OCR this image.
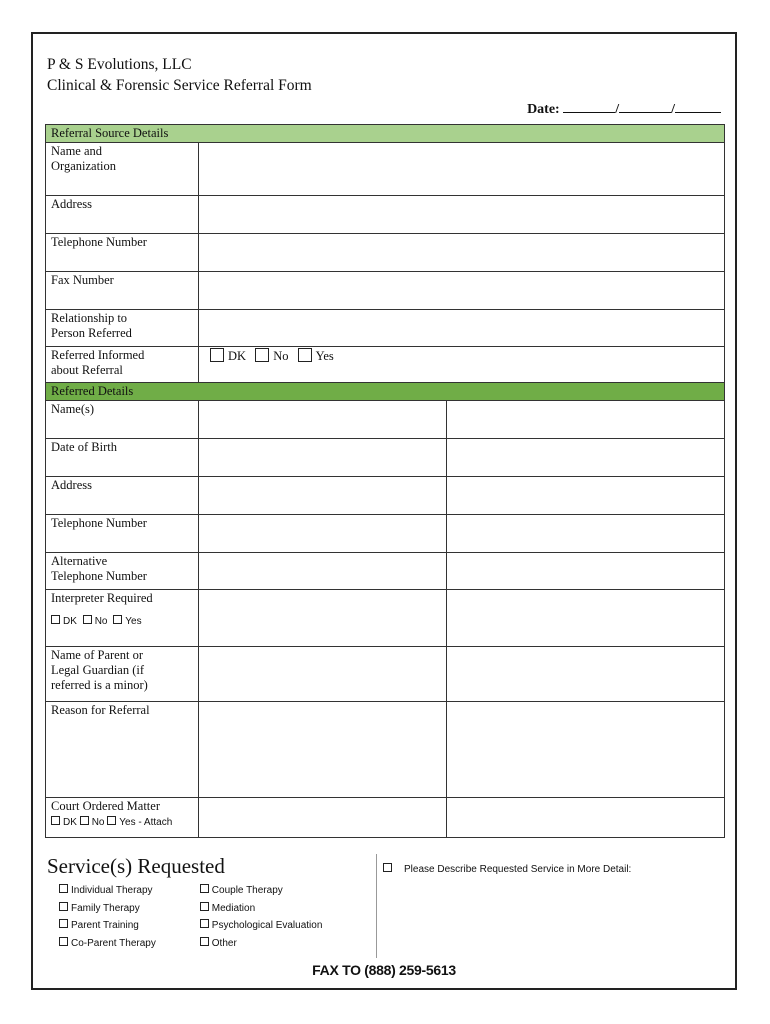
P & S Evolutions, LLC
Clinical & Forensic Service Referral Form
Date:	/	/
Referral Source Details		
Name and
Organization		
Address		
Telephone Number		
Fax Number		
Relationship to
Person Referred		
Referred Informed
about Referral	DK No Yes	
Referred Details		
Name(s)		
Date of Birth		
Address		
Telephone Number		
Alternative
Telephone Number		
Interpreter Required
DK No Yes		

Name of Parent or
Legal Guardian (if
referred is a minor)		
Reason for Referral		
Court Ordered Matter
DK No Yes - Attach		

Service(s) Requested
Individual Therapy
Family Therapy
Parent Training
Co-Parent Therapy

Couple Therapy
Mediation
Psychological Evaluation
Other
Please Describe Requested Service in More Detail:
FAX TO (888) 259-5613
